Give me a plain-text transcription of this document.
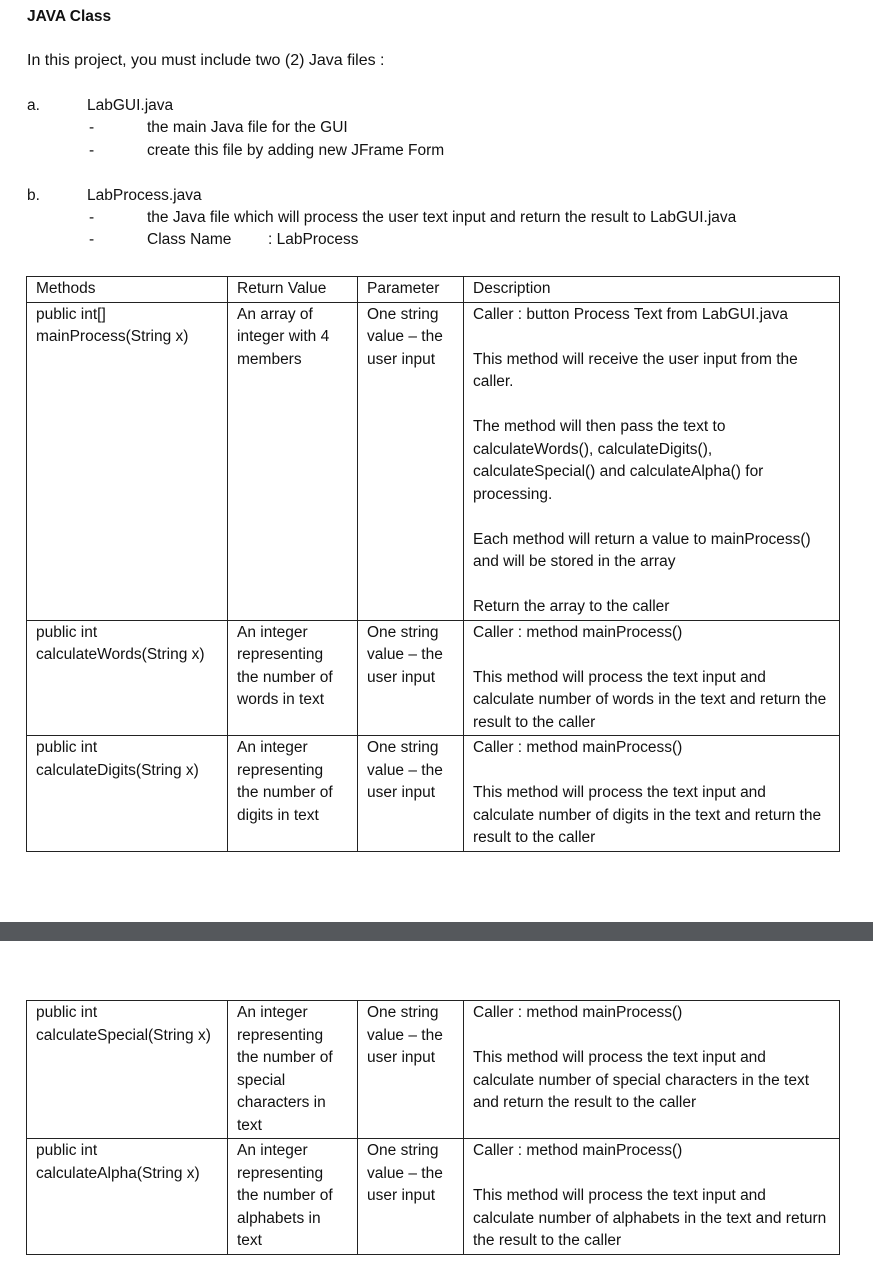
JAVA Class
In this project, you must include two (2) Java files :
a.	LabGUI.java
-	the main Java file for the GUI
-	create this file by adding new JFrame Form
b.	LabProcess.java
-	the Java file which will process the user text input and return the result to LabGUI.java
-	Class Name : LabProcess
Methods	Return Value	Parameter	Description
public int[] mainProcess(String x)	An array of integer with 4 members	One string value – the user input	Caller : button Process Text from LabGUI.java

This method will receive the user input from the caller.

The method will then pass the text to calculateWords(), calculateDigits(), calculateSpecial() and calculateAlpha() for processing.

Each method will return a value to mainProcess() and will be stored in the array

Return the array to the caller

public int calculateWords(String x)	An integer representing the number of words in text	One string value – the user input	Caller : method mainProcess()

This method will process the text input and calculate number of words in the text and return the result to the caller

public int calculateDigits(String x)	An integer representing the number of digits in text	One string value – the user input	Caller : method mainProcess()

This method will process the text input and calculate number of digits in the text and return the result to the caller

public int calculateSpecial(String x)	An integer representing the number of special characters in text	One string value – the user input	Caller : method mainProcess()

This method will process the text input and calculate number of special characters in the text and return the result to the caller

public int calculateAlpha(String x)	An integer representing the number of alphabets in text	One string value – the user input	Caller : method mainProcess()

This method will process the text input and calculate number of alphabets in the text and return the result to the caller
